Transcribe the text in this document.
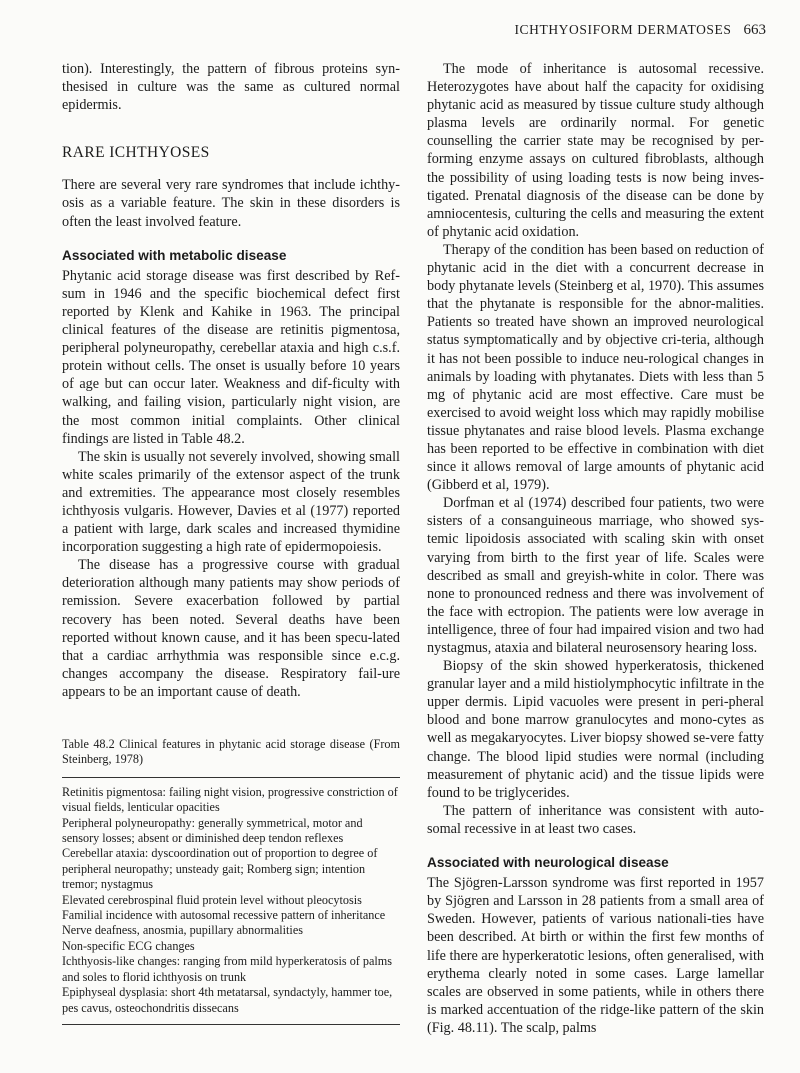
ICHTHYOSIFORM DERMATOSES 663

tion). Interestingly, the pattern of fibrous proteins syn-thesised in culture was the same as cultured normal epidermis.

RARE ICHTHYOSES

There are several very rare syndromes that include ichthy-osis as a variable feature. The skin in these disorders is often the least involved feature.

Associated with metabolic disease

Phytanic acid storage disease was first described by Ref-sum in 1946 and the specific biochemical defect first reported by Klenk and Kahike in 1963. The principal clinical features of the disease are retinitis pigmentosa, peripheral polyneuropathy, cerebellar ataxia and high c.s.f. protein without cells. The onset is usually before 10 years of age but can occur later. Weakness and dif-ficulty with walking, and failing vision, particularly night vision, are the most common initial complaints. Other clinical findings are listed in Table 48.2.

The skin is usually not severely involved, showing small white scales primarily of the extensor aspect of the trunk and extremities. The appearance most closely resembles ichthyosis vulgaris. However, Davies et al (1977) reported a patient with large, dark scales and increased thymidine incorporation suggesting a high rate of epidermopoiesis.

The disease has a progressive course with gradual deterioration although many patients may show periods of remission. Severe exacerbation followed by partial recovery has been noted. Several deaths have been reported without known cause, and it has been specu-lated that a cardiac arrhythmia was responsible since e.c.g. changes accompany the disease. Respiratory fail-ure appears to be an important cause of death.

Table 48.2 Clinical features in phytanic acid storage disease (From Steinberg, 1978)

Retinitis pigmentosa: failing night vision, progressive constriction of visual fields, lenticular opacities
Peripheral polyneuropathy: generally symmetrical, motor and sensory losses; absent or diminished deep tendon reflexes
Cerebellar ataxia: dyscoordination out of proportion to degree of peripheral neuropathy; unsteady gait; Romberg sign; intention tremor; nystagmus
Elevated cerebrospinal fluid protein level without pleocytosis
Familial incidence with autosomal recessive pattern of inheritance
Nerve deafness, anosmia, pupillary abnormalities
Non-specific ECG changes
Ichthyosis-like changes: ranging from mild hyperkeratosis of palms and soles to florid ichthyosis on trunk
Epiphyseal dysplasia: short 4th metatarsal, syndactyly, hammer toe, pes cavus, osteochondritis dissecans

The mode of inheritance is autosomal recessive. Heterozygotes have about half the capacity for oxidising phytanic acid as measured by tissue culture study although plasma levels are ordinarily normal. For genetic counselling the carrier state may be recognised by per-forming enzyme assays on cultured fibroblasts, although the possibility of using loading tests is now being inves-tigated. Prenatal diagnosis of the disease can be done by amniocentesis, culturing the cells and measuring the extent of phytanic acid oxidation.

Therapy of the condition has been based on reduction of phytanic acid in the diet with a concurrent decrease in body phytanate levels (Steinberg et al, 1970). This assumes that the phytanate is responsible for the abnor-malities. Patients so treated have shown an improved neurological status symptomatically and by objective cri-teria, although it has not been possible to induce neu-rological changes in animals by loading with phytanates. Diets with less than 5 mg of phytanic acid are most effective. Care must be exercised to avoid weight loss which may rapidly mobilise tissue phytanates and raise blood levels. Plasma exchange has been reported to be effective in combination with diet since it allows removal of large amounts of phytanic acid (Gibberd et al, 1979).

Dorfman et al (1974) described four patients, two were sisters of a consanguineous marriage, who showed sys-temic lipoidosis associated with scaling skin with onset varying from birth to the first year of life. Scales were described as small and greyish-white in color. There was none to pronounced redness and there was involvement of the face with ectropion. The patients were low average in intelligence, three of four had impaired vision and two had nystagmus, ataxia and bilateral neurosensory hearing loss.

Biopsy of the skin showed hyperkeratosis, thickened granular layer and a mild histiolymphocytic infiltrate in the upper dermis. Lipid vacuoles were present in peri-pheral blood and bone marrow granulocytes and mono-cytes as well as megakaryocytes. Liver biopsy showed se-vere fatty change. The blood lipid studies were normal (including measurement of phytanic acid) and the tissue lipids were found to be triglycerides.

The pattern of inheritance was consistent with auto-somal recessive in at least two cases.

Associated with neurological disease

The Sjögren-Larsson syndrome was first reported in 1957 by Sjögren and Larsson in 28 patients from a small area of Sweden. However, patients of various nationali-ties have been described. At birth or within the first few months of life there are hyperkeratotic lesions, often generalised, with erythema clearly noted in some cases. Large lamellar scales are observed in some patients, while in others there is marked accentuation of the ridge-like pattern of the skin (Fig. 48.11). The scalp, palms
